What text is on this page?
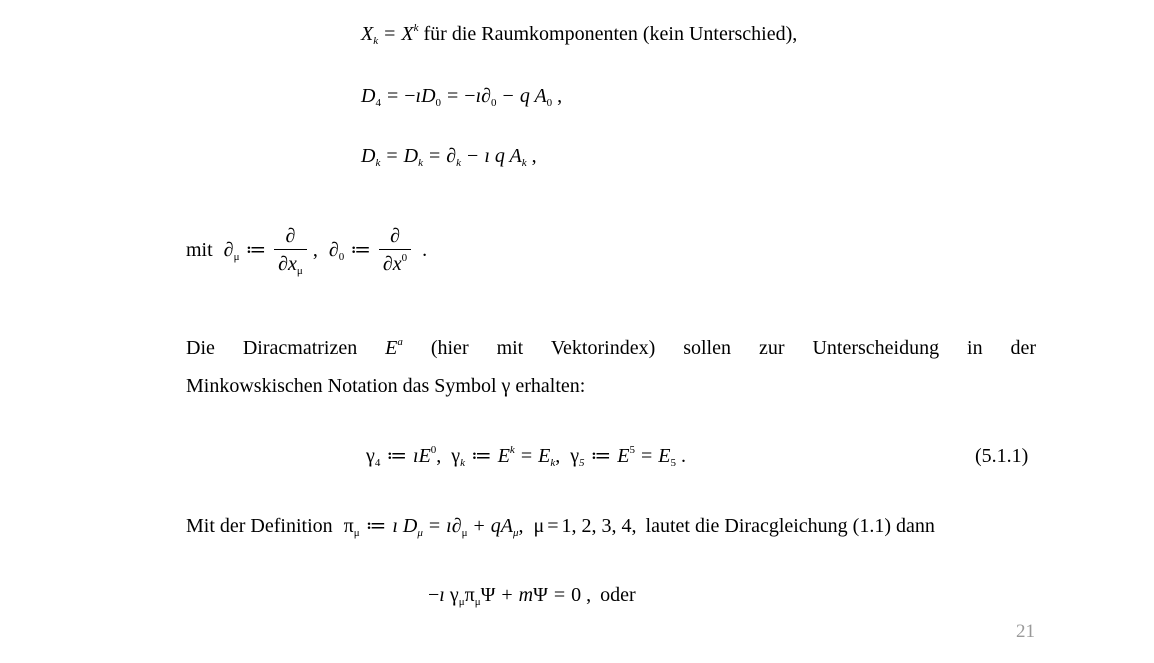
$X_k = X^k$ für die Raumkomponenten (kein Unterschied),
$D_4$ = $-ıD_0$ = $-ı\partial_0 - q$ $A_0$ ,
$D_k = D_k = \partial_k$ − ı q $A_k$ ,
mit $\partial_\mu$ ≔ $\frac{\partial}{\partial x_\mu}$ , $\partial_0$ ≔ $\frac{\partial}{\partial x^0}$ .
Die Diracmatrizen $E^a$ (hier mit Vektorindex) sollen zur Unterscheidung in der
Minkowskischen Notation das Symbol γ erhalten:
$\gamma_4$ ≔ $ıE^0$,  $\gamma_k$ ≔ $E^k = E_k$,  $\gamma_5$ ≔ $E^5 = E_5$ .	(5.1.1)
Mit der Definition $\pi_\mu$ ≔ ı $D_\mu$ = $ı\partial_\mu + qA_\mu$,  μ = 1, 2, 3, 4, lautet die Diracgleichung (1.1) dann
−ı $\gamma_\mu\pi_\mu\Psi + m\Psi = 0$ , oder
21
